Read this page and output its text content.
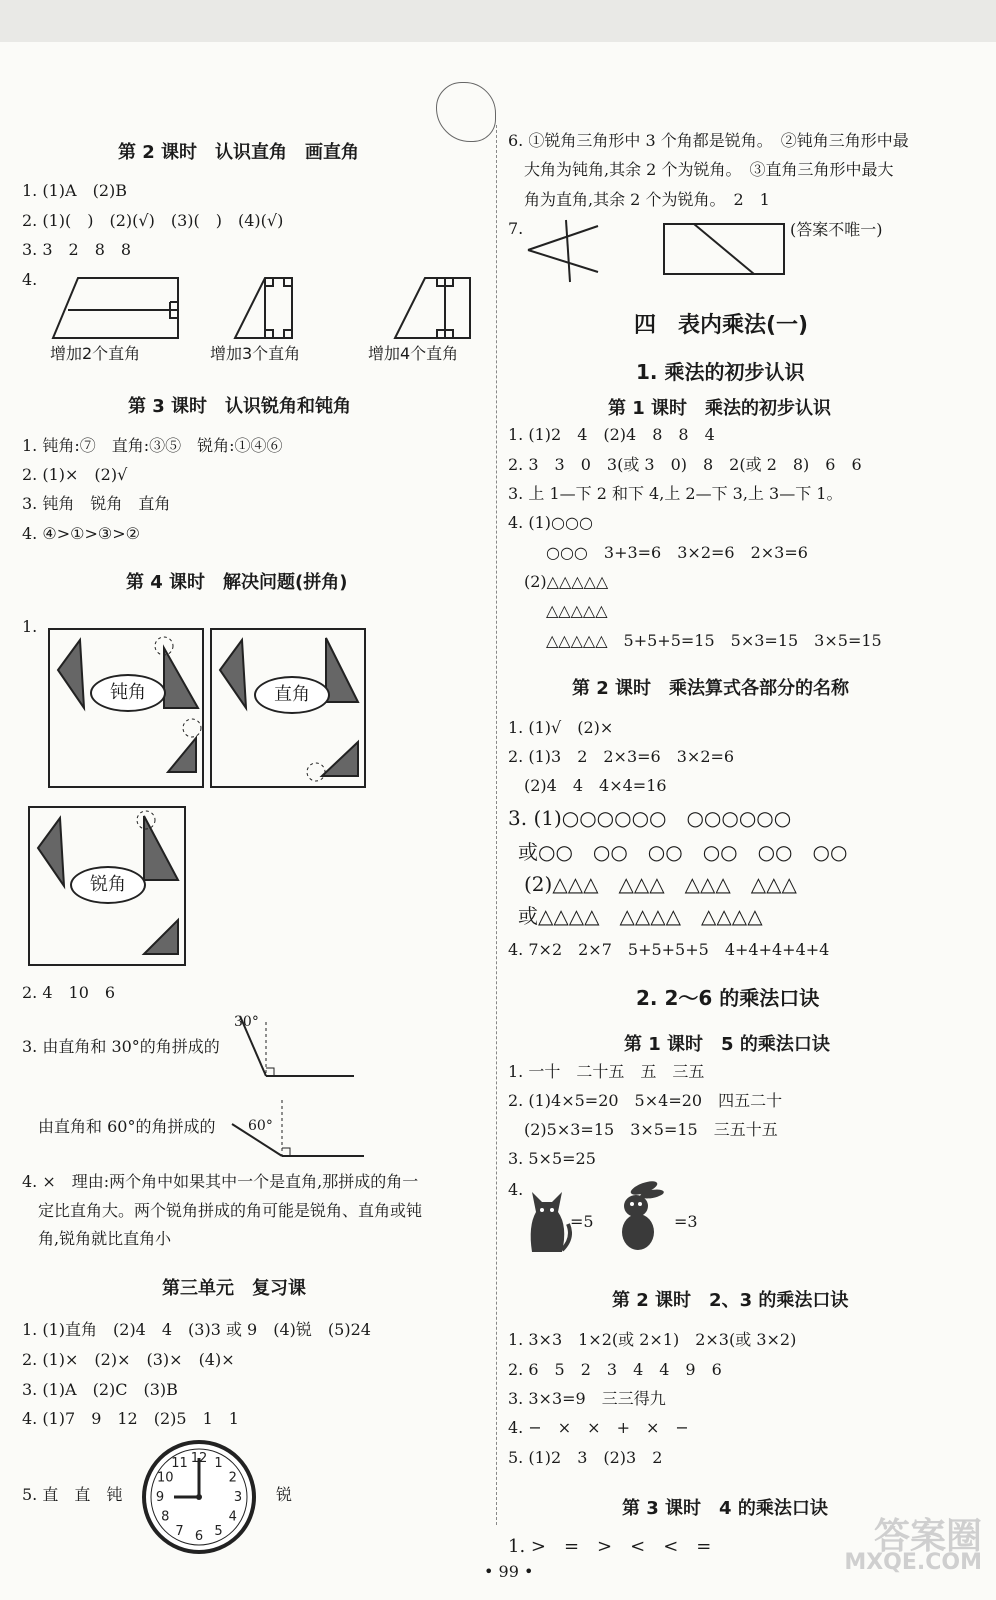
第 2 课时　认识直角　画直角
1. (1)A　(2)B
2. (1)(　)　(2)(√)　(3)(　)　(4)(√)
3. 3　2　8　8
4.
增加2个直角	增加3个直角	增加4个直角
第 3 课时　认识锐角和钝角
1. 钝角:⑦　直角:③⑤　锐角:①④⑥
2. (1)×　(2)√
3. 钝角　锐角　直角
4. ④>①>③>②
第 4 课时　解决问题(拼角)
1.
钝角	直角
锐角
2. 4　10　6
3. 由直角和 30°的角拼成的
30°
由直角和 60°的角拼成的 60°
4. ×　理由:两个角中如果其中一个是直角,那拼成的角一
定比直角大。两个锐角拼成的角可能是锐角、直角或钝
角,锐角就比直角小
第三单元　复习课
1. (1)直角　(2)4　4　(3)3 或 9　(4)锐　(5)24
2. (1)×　(2)×　(3)×　(4)×
3. (1)A　(2)C　(3)B
4. (1)7　9　12　(2)5　1　1
5. 直　直　钝	锐
12 1
2
3
4
5
6
7
8
9
10
11
6. ①锐角三角形中 3 个角都是锐角。　②钝角三角形中最
大角为钝角,其余 2 个为锐角。　③直角三角形中最大
角为直角,其余 2 个为锐角。　2　1
7.	(答案不唯一)
四　表内乘法(一)
1. 乘法的初步认识
第 1 课时　乘法的初步认识
1. (1)2　4　(2)4　8　8　4
2. 3　3　0　3(或 3　0)　8　2(或 2　8)　6　6
3. 上 1—下 2 和下 4,上 2—下 3,上 3—下 1。
4. (1)○○○
○○○　3+3=6　3×2=6　2×3=6
(2)△△△△△
△△△△△
△△△△△　5+5+5=15　5×3=15　3×5=15
第 2 课时　乘法算式各部分的名称
1. (1)√　(2)×
2. (1)3　2　2×3=6　3×2=6
(2)4　4　4×4=16
3. (1)○○○○○○　○○○○○○
或○○　○○　○○　○○　○○　○○
(2)△△△　△△△　△△△　△△△
或△△△△　△△△△　△△△△
4. 7×2　2×7　5+5+5+5　4+4+4+4+4
2. 2～6 的乘法口诀
第 1 课时　5 的乘法口诀
1. 一十　二十五　五　三五
2. (1)4×5=20　5×4=20　四五二十
(2)5×3=15　3×5=15　三五十五
3. 5×5=25
4.
=5	=3
第 2 课时　2、3 的乘法口诀
1. 3×3　1×2(或 2×1)　2×3(或 3×2)
2. 6　5　2　3　4　4　9　6
3. 3×3=9　三三得九
4. −　×　×　+　×　−
5. (1)2　3　(2)3　2
第 3 课时　4 的乘法口诀
1. >　=　>　<　<　=
• 99 •
答案圈
MXQE.COM
